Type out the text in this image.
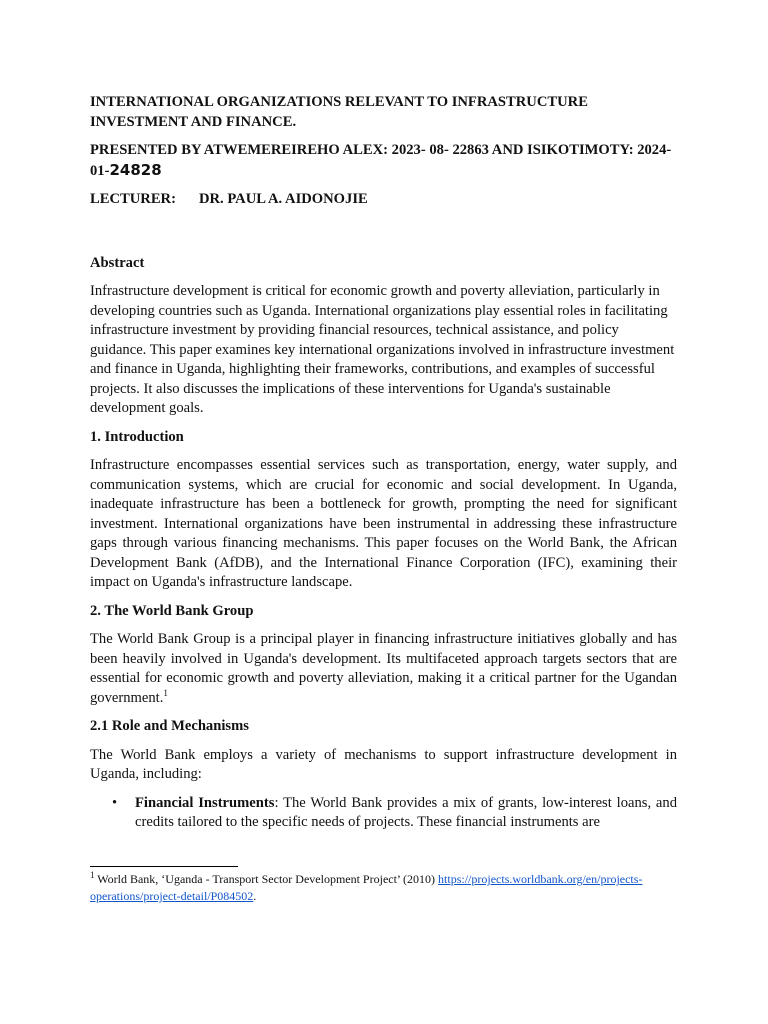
INTERNATIONAL ORGANIZATIONS RELEVANT TO INFRASTRUCTURE INVESTMENT AND FINANCE.
PRESENTED BY ATWEMEREIREHO ALEX: 2023- 08- 22863 AND ISIKOTIMOTY: 2024-01-24828
LECTURER: DR. PAUL A. AIDONOJIE
Abstract

Infrastructure development is critical for economic growth and poverty alleviation, particularly in developing countries such as Uganda. International organizations play essential roles in facilitating infrastructure investment by providing financial resources, technical assistance, and policy guidance. This paper examines key international organizations involved in infrastructure investment and finance in Uganda, highlighting their frameworks, contributions, and examples of successful projects. It also discusses the implications of these interventions for Uganda's sustainable development goals.

1. Introduction

Infrastructure encompasses essential services such as transportation, energy, water supply, and communication systems, which are crucial for economic and social development. In Uganda, inadequate infrastructure has been a bottleneck for growth, prompting the need for significant investment. International organizations have been instrumental in addressing these infrastructure gaps through various financing mechanisms. This paper focuses on the World Bank, the African Development Bank (AfDB), and the International Finance Corporation (IFC), examining their impact on Uganda's infrastructure landscape.

2. The World Bank Group

The World Bank Group is a principal player in financing infrastructure initiatives globally and has been heavily involved in Uganda's development. Its multifaceted approach targets sectors that are essential for economic growth and poverty alleviation, making it a critical partner for the Ugandan government.$^1$

2.1 Role and Mechanisms

The World Bank employs a variety of mechanisms to support infrastructure development in Uganda, including:

• Financial Instruments: The World Bank provides a mix of grants, low-interest loans, and credits tailored to the specific needs of projects. These financial instruments are
$^1$ World Bank, ‘Uganda - Transport Sector Development Project’ (2010) https://projects.worldbank.org/en/projects-operations/project-detail/P084502.
